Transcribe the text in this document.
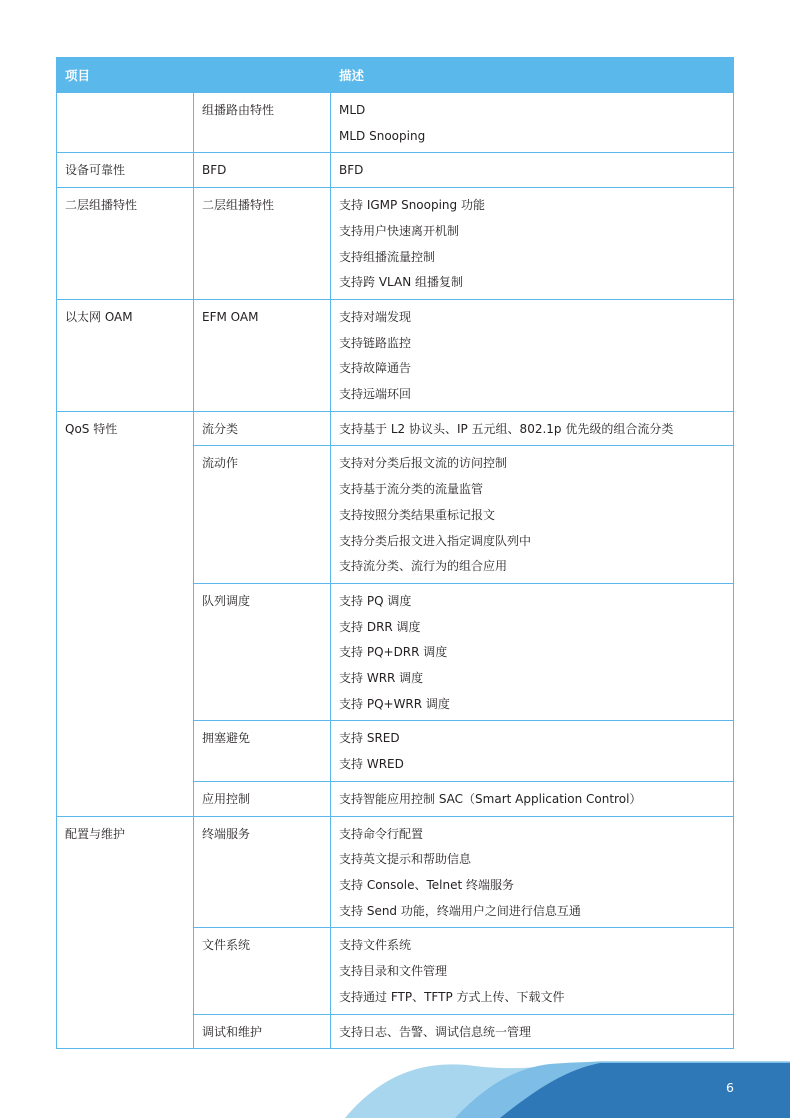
项目		描述
	组播路由特性	MLD
MLD Snooping

设备可靠性	BFD	BFD

二层组播特性	二层组播特性	支持 IGMP Snooping 功能
支持用户快速离开机制
支持组播流量控制
支持跨 VLAN 组播复制

以太网 OAM	EFM OAM	支持对端发现
支持链路监控
支持故障通告
支持远端环回

QoS 特性	流分类	支持基于 L2 协议头、IP 五元组、802.1p 优先级的组合流分类

	流动作	支持对分类后报文流的访问控制
支持基于流分类的流量监管
支持按照分类结果重标记报文
支持分类后报文进入指定调度队列中
支持流分类、流行为的组合应用

	队列调度	支持 PQ 调度
支持 DRR 调度
支持 PQ+DRR 调度
支持 WRR 调度
支持 PQ+WRR 调度

	拥塞避免	支持 SRED
支持 WRED

	应用控制	支持智能应用控制 SAC（Smart Application Control）

配置与维护	终端服务	支持命令行配置
支持英文提示和帮助信息
支持 Console、Telnet 终端服务
支持 Send 功能，终端用户之间进行信息互通

	文件系统	支持文件系统
支持目录和文件管理
支持通过 FTP、TFTP 方式上传、下载文件

	调试和维护	支持日志、告警、调试信息统一管理
6
